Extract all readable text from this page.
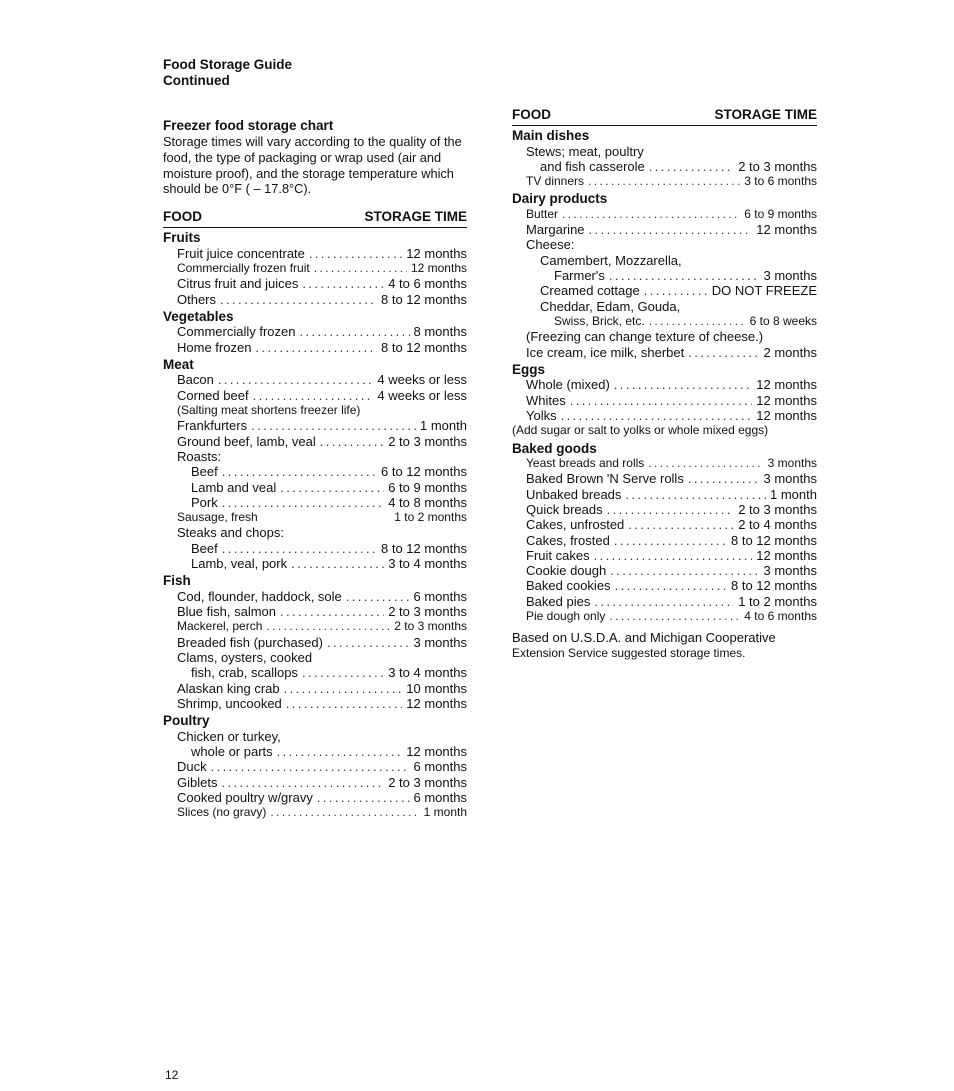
Food Storage Guide
Continued
Freezer food storage chart
Storage times will vary according to the quality of the food, the type of packaging or wrap used (air and moisture proof), and the storage temperature which should be 0°F ( – 17.8°C).
FOOD	STORAGE TIME
Fruits
Fruit juice concentrate .....	12 months
Commercially frozen fruit .....	12 months
Citrus fruit and juices .....	4 to 6 months
Others .....	8 to 12 months
Vegetables
Commercially frozen .....	8 months
Home frozen .....	8 to 12 months
Meat
Bacon .....	4 weeks or less
Corned beef .....	4 weeks or less
(Salting meat shortens freezer life)
Frankfurters .....	1 month
Ground beef, lamb, veal .....	2 to 3 months
Roasts:
Beef .....	6 to 12 months
Lamb and veal .....	6 to 9 months
Pork .....	4 to 8 months
Sausage, fresh	1 to 2 months
Steaks and chops:
Beef .....	8 to 12 months
Lamb, veal, pork .....	3 to 4 months
Fish
Cod, flounder, haddock, sole .....	6 months
Blue fish, salmon .....	2 to 3 months
Mackerel, perch .....	2 to 3 months
Breaded fish (purchased) .....	3 months
Clams, oysters, cooked
fish, crab, scallops .....	3 to 4 months
Alaskan king crab .....	10 months
Shrimp, uncooked .....	12 months
Poultry
Chicken or turkey,
whole or parts .....	12 months
Duck .....	6 months
Giblets .....	2 to 3 months
Cooked poultry w/gravy .....	6 months
Slices (no gravy) .....	1 month
FOOD	STORAGE TIME
Main dishes
Stews; meat, poultry
and fish casserole .....	2 to 3 months
TV dinners .....	3 to 6 months
Dairy products
Butter .....	6 to 9 months
Margarine .....	12 months
Cheese:
Camembert, Mozzarella,
Farmer's .....	3 months
Creamed cottage .....	DO NOT FREEZE
Cheddar, Edam, Gouda,
Swiss, Brick, etc. .....	6 to 8 weeks
(Freezing can change texture of cheese.)
Ice cream, ice milk, sherbet .....	2 months
Eggs
Whole (mixed) .....	12 months
Whites .....	12 months
Yolks .....	12 months
(Add sugar or salt to yolks or whole mixed eggs)
Baked goods
Yeast breads and rolls .....	3 months
Baked Brown 'N Serve rolls .....	3 months
Unbaked breads .....	1 month
Quick breads .....	2 to 3 months
Cakes, unfrosted .....	2 to 4 months
Cakes, frosted .....	8 to 12 months
Fruit cakes .....	12 months
Cookie dough .....	3 months
Baked cookies .....	8 to 12 months
Baked pies .....	1 to 2 months
Pie dough only .....	4 to 6 months
Based on U.S.D.A. and Michigan Cooperative
Extension Service suggested storage times.
12
